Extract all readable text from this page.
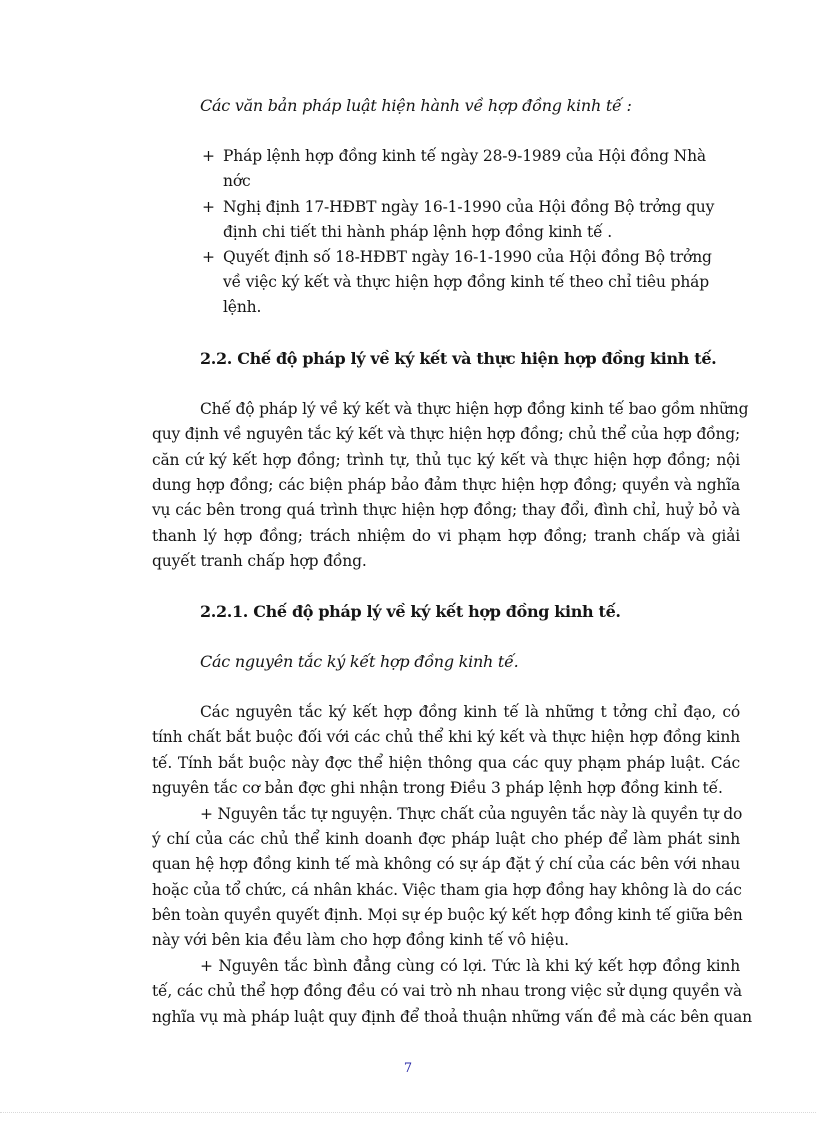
Các văn bản pháp luật hiện hành về hợp đồng kinh tế :

+ Pháp lệnh hợp đồng kinh tế ngày 28-9-1989 của Hội đồng Nhà

nớc

+ Nghị định 17-HĐBT ngày 16-1-1990 của Hội đồng Bộ trởng quy

định chi tiết thi hành pháp lệnh hợp đồng kinh tế .

+ Quyết định số 18-HĐBT ngày 16-1-1990 của Hội đồng Bộ trởng

về việc ký kết và thực hiện hợp đồng kinh tế theo chỉ tiêu pháp

lệnh.

2.2. Chế độ pháp lý về ký kết và thực hiện hợp đồng kinh tế.

Chế độ pháp lý về ký kết và thực hiện hợp đồng kinh tế bao gồm những

quy định về nguyên tắc ký kết và thực hiện hợp đồng; chủ thể của hợp đồng;

căn cứ ký kết hợp đồng; trình tự, thủ tục ký kết và thực hiện hợp đồng; nội

dung hợp đồng; các biện pháp bảo đảm thực hiện hợp đồng; quyền và nghĩa

vụ các bên trong quá trình thực hiện hợp đồng; thay đổi, đình chỉ, huỷ bỏ và

thanh lý hợp đồng; trách nhiệm do vi phạm hợp đồng; tranh chấp và giải

quyết tranh chấp hợp đồng.

2.2.1. Chế độ pháp lý về ký kết hợp đồng kinh tế.

Các nguyên tắc ký kết hợp đồng kinh tế.

Các nguyên tắc ký kết hợp đồng kinh tế là những t tởng chỉ đạo, có

tính chất bắt buộc đối với các chủ thể khi ký kết và thực hiện hợp đồng kinh

tế. Tính bắt buộc này đợc thể hiện thông qua các quy phạm pháp luật. Các

nguyên tắc cơ bản đợc ghi nhận trong Điều 3 pháp lệnh hợp đồng kinh tế.

+ Nguyên tắc tự nguyện. Thực chất của nguyên tắc này là quyền tự do

ý chí của các chủ thể kinh doanh đợc pháp luật cho phép để làm phát sinh

quan hệ hợp đồng kinh tế mà không có sự áp đặt ý chí của các bên với nhau

hoặc của tổ chức, cá nhân khác. Việc tham gia hợp đồng hay không là do các

bên toàn quyền quyết định. Mọi sự ép buộc ký kết hợp đồng kinh tế giữa bên

này với bên kia đều làm cho hợp đồng kinh tế vô hiệu.

+ Nguyên tắc bình đẳng cùng có lợi. Tức là khi ký kết hợp đồng kinh

tế, các chủ thể hợp đồng đều có vai trò nh nhau trong việc sử dụng quyền và

nghĩa vụ mà pháp luật quy định để thoả thuận những vấn đề mà các bên quan

7
